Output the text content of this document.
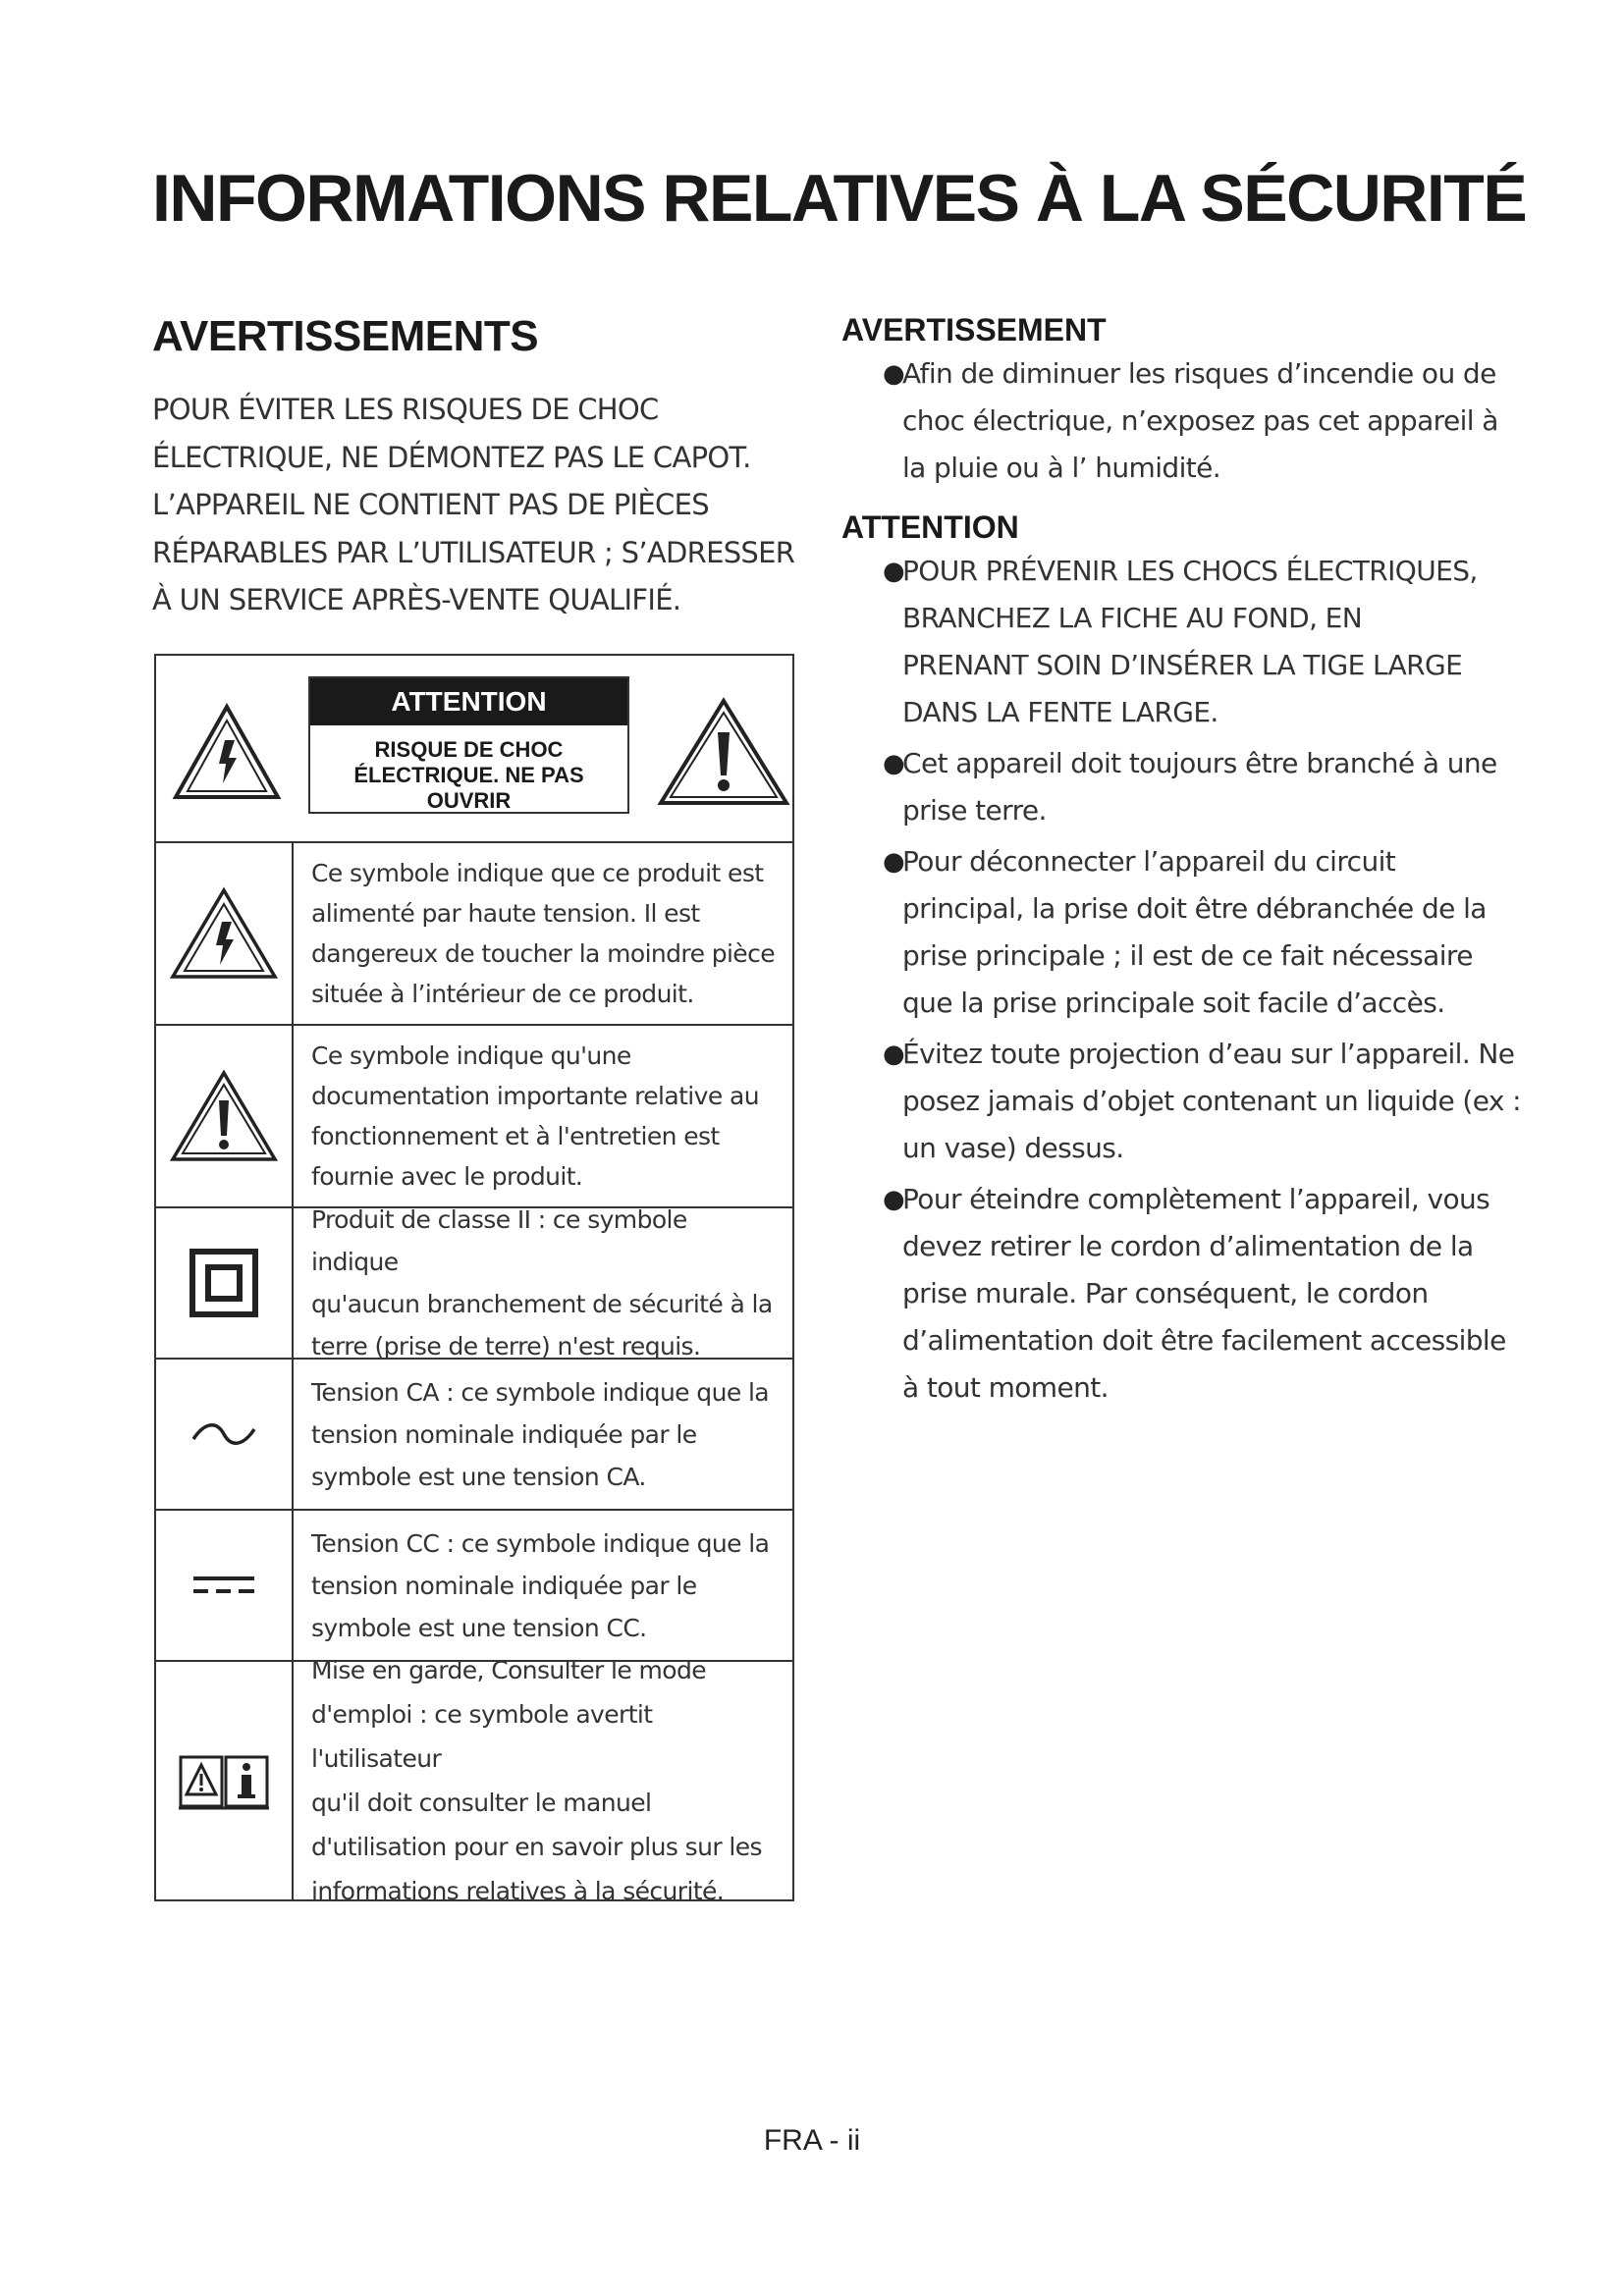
INFORMATIONS RELATIVES À LA SÉCURITÉ
AVERTISSEMENTS

POUR ÉVITER LES RISQUES DE CHOC
ÉLECTRIQUE, NE DÉMONTEZ PAS LE CAPOT.
L’APPAREIL NE CONTIENT PAS DE PIÈCES
RÉPARABLES PAR L’UTILISATEUR ; S’ADRESSER
À UN SERVICE APRÈS-VENTE QUALIFIÉ.

ATTENTION
RISQUE DE CHOC
ÉLECTRIQUE. NE PAS
OUVRIR
Ce symbole indique que ce produit est
alimenté par haute tension. Il est
dangereux de toucher la moindre pièce
située à l’intérieur de ce produit.
Ce symbole indique qu'une
documentation importante relative au
fonctionnement et à l'entretien est
fournie avec le produit.
Produit de classe II : ce symbole indique
qu'aucun branchement de sécurité à la
terre (prise de terre) n'est requis.
Tension CA : ce symbole indique que la
tension nominale indiquée par le
symbole est une tension CA.
Tension CC : ce symbole indique que la
tension nominale indiquée par le
symbole est une tension CC.
Mise en garde, Consulter le mode
d'emploi : ce symbole avertit l'utilisateur
qu'il doit consulter le manuel
d'utilisation pour en savoir plus sur les
informations relatives à la sécurité.
AVERTISSEMENT
●
Afin de diminuer les risques d’incendie ou de
choc électrique, n’exposez pas cet appareil à
la pluie ou à l’ humidité.
ATTENTION
●
POUR PRÉVENIR LES CHOCS ÉLECTRIQUES,
BRANCHEZ LA FICHE AU FOND, EN
PRENANT SOIN D’INSÉRER LA TIGE LARGE
DANS LA FENTE LARGE.
●
Cet appareil doit toujours être branché à une
prise terre.
●
Pour déconnecter l’appareil du circuit
principal, la prise doit être débranchée de la
prise principale ; il est de ce fait nécessaire
que la prise principale soit facile d’accès.
●
Évitez toute projection d’eau sur l’appareil. Ne
posez jamais d’objet contenant un liquide (ex :
un vase) dessus.
●
Pour éteindre complètement l’appareil, vous
devez retirer le cordon d’alimentation de la
prise murale. Par conséquent, le cordon
d’alimentation doit être facilement accessible
à tout moment.
FRA - ii
